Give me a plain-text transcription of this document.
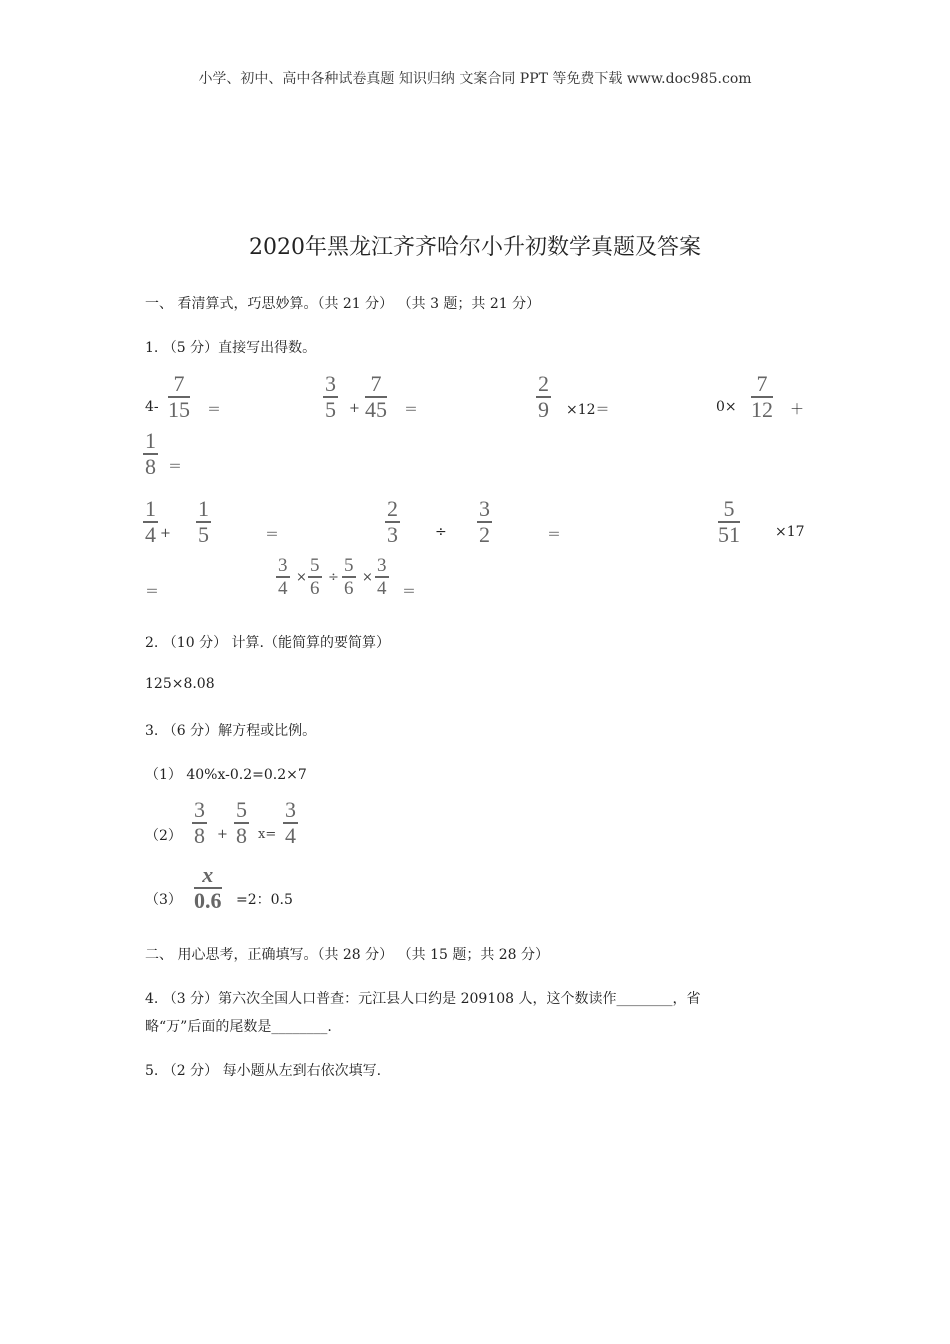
小学、初中、高中各种试卷真题 知识归纳 文案合同 PPT 等免费下载 www.doc985.com
2020年黑龙江齐齐哈尔小升初数学真题及答案
一、 看清算式，巧思妙算。（共 21 分） （共 3 题；共 21 分）
1. （5 分）直接写出得数。
4-
7
15 ＝
3
5 +
7
45 ＝
2
9 ×12＝	0×
7
12 ＋
1
8 ＝
1
4 +
1
5	＝
2
3	÷
3
2	＝
5
51	×17
＝
3
4 ×
5
6 ÷
5
6 ×
3
4 ＝
2. （10 分） 计算.（能简算的要简算）
125×8.08
3. （6 分）解方程或比例。
（1） 40%x-0.2=0.2×7
（2）
3
8 +
5
8 x=
3
4
（3）
x
0.6 =2：0.5
二、 用心思考，正确填写。（共 28 分） （共 15 题；共 28 分）
4. （3 分）第六次全国人口普查：元江县人口约是 209108 人，这个数读作________，省
略“万”后面的尾数是________.
5. （2 分） 每小题从左到右依次填写.
